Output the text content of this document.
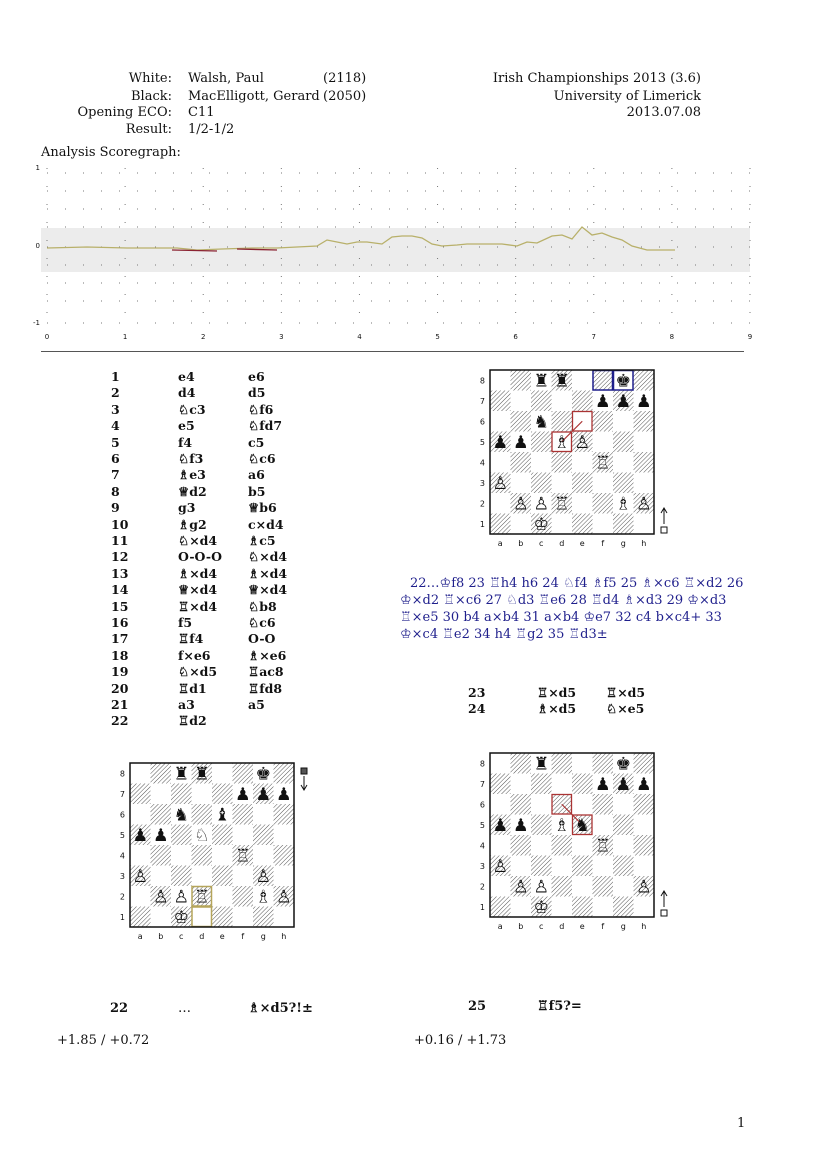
White: Walsh, Paul	(2118)
Black: MacElligott, Gerard (2050)
Opening ECO: C11
Result: 1/2-1/2
Irish Championships 2013 (3.6)
University of Limerick
2013.07.08
Analysis Scoregraph:
0	1	2	3	4	5	6	7	8	9
1
0
-1
1	e4	e6
2	d4	d5
3	♘c3	♘f6
4	e5	♘fd7
5	f4	c5
6	♘f3	♘c6
7	♗e3	a6
8	♕d2	b5
9	g3	♕b6
10	♗g2	c×d4
11	♘×d4 ♗c5
12	O-O-O ♘×d4
13	♗×d4 ♗×d4
14	♕×d4 ♕×d4
15	♖×d4 ♘b8
16	f5	♘c6
17	♖f4	O-O
18	f×e6	♗×e6
19	♘×d5 ♖ac8
20	♖d1	♖fd8
21	a3	a5
22	♖d2
♜ ♜	♚
♟ ♟ ♟
♞
♟ ♟ ♗ ♙
♖
♙
♙ ♙ ♖	♗ ♙
♔
a b c d e f g h
8
7
6
5
4
3
2
1
22…♔f8 23 ♖h4 h6 24 ♘f4 ♗f5 25 ♗×c6 ♖×d2 26 ♔×d2 ♖×c6 27 ♘d3 ♖e6 28 ♖d4 ♗×d3 29 ♔×d3 ♖×e5 30 b4 a×b4 31 a×b4 ♔e7 32 c4 b×c4+ 33 ♔×c4 ♖e2 34 h4 ♖g2 35 ♖d3±
23	♖×d5 ♖×d5
24	♗×d5 ♘×e5
♜ ♜	♚
♟ ♟ ♟
♞ ♝
♟ ♟ ♘
♖
♙	♙
♙ ♙ ♖	♗ ♙
♔
a b c d e f g h
8
7
6
5
4
3
2
1
♜	♚
♟ ♟ ♟
♟ ♟ ♗ ♞
♖
♙
♙ ♙	♙
♔
a b c d e f g h
8
7
6
5
4
3
2
1
22	…	♗×d5?!±
+1.85 / +0.72
25	♖f5?=
+0.16 / +1.73
1
